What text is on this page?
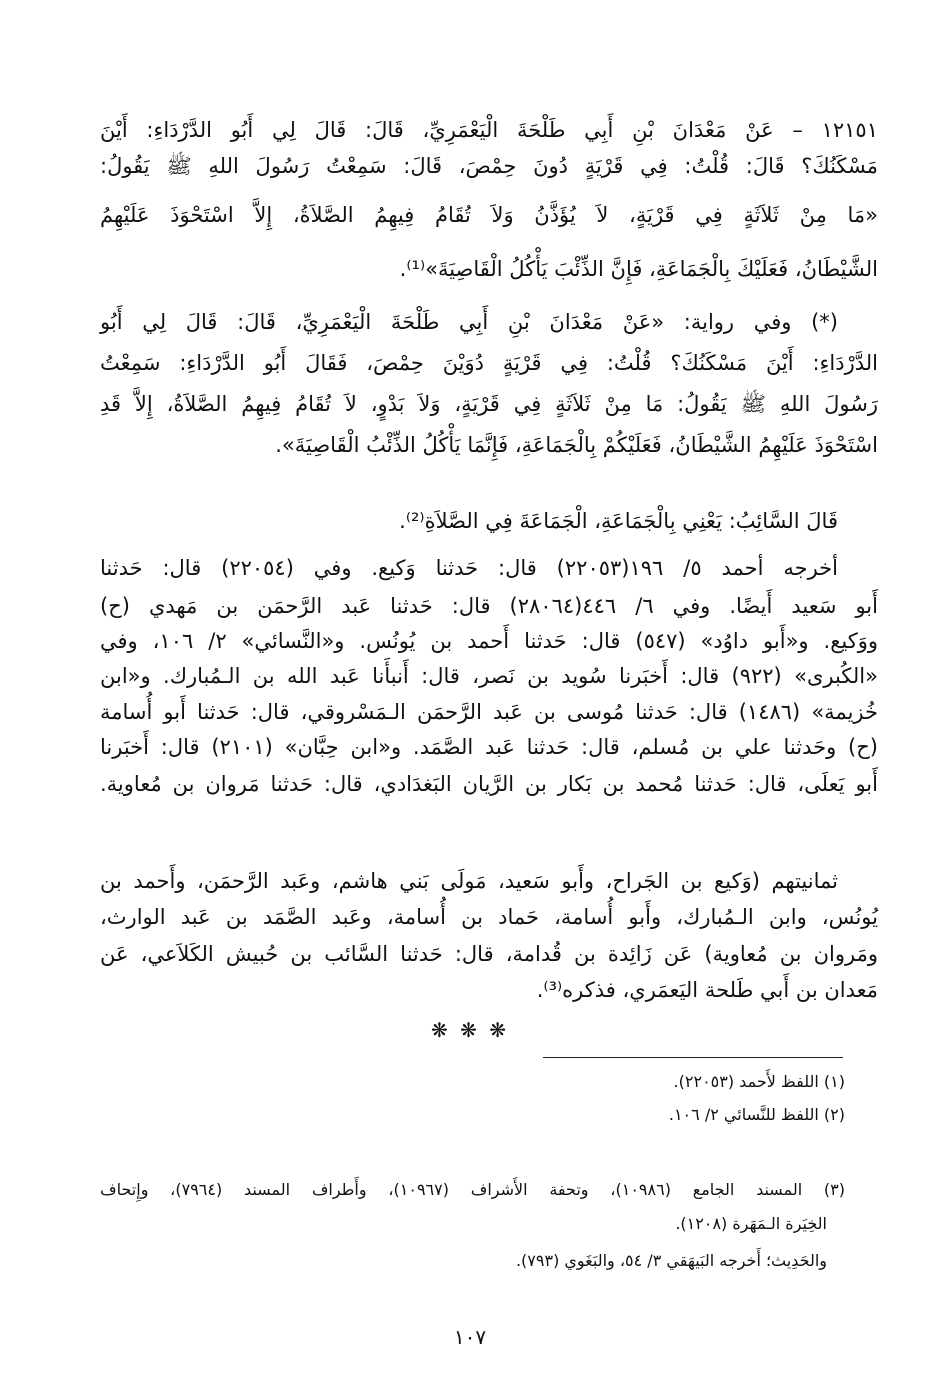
١٢١٥١ – عَنْ مَعْدَانَ بْنِ أَبِي طَلْحَةَ الْيَعْمَرِيِّ، قَالَ: قَالَ لِي أَبُو الدَّرْدَاءِ: أَيْنَ
مَسْكَنُكَ؟ قَالَ: قُلْتُ: فِي قَرْيَةٍ دُونَ حِمْصَ، قَالَ: سَمِعْتُ رَسُولَ اللهِ ﷺ يَقُولُ:
«مَا مِنْ ثَلاَثَةٍ فِي قَرْيَةٍ، لاَ يُؤَذَّنُ وَلاَ تُقَامُ فِيهِمُ الصَّلاَةُ، إِلاَّ اسْتَحْوَذَ عَلَيْهِمُ
الشَّيْطَانُ، فَعَلَيْكَ بِالْجَمَاعَةِ، فَإِنَّ الذِّئْبَ يَأْكُلُ الْقَاصِيَةَ»⁽¹⁾.
(*) وفي رواية: «عَنْ مَعْدَانَ بْنِ أَبِي طَلْحَةَ الْيَعْمَرِيِّ، قَالَ: قَالَ لِي أَبُو
الدَّرْدَاءِ: أَيْنَ مَسْكَنُكَ؟ قُلْتُ: فِي قَرْيَةٍ دُوَيْنَ حِمْصَ، فَقَالَ أَبُو الدَّرْدَاءِ: سَمِعْتُ
رَسُولَ اللهِ ﷺ يَقُولُ: مَا مِنْ ثَلاَثَةٍ فِي قَرْيَةٍ، وَلاَ بَدْوٍ، لاَ تُقَامُ فِيهِمُ الصَّلاَةُ، إِلاَّ قَدِ
اسْتَحْوَذَ عَلَيْهِمُ الشَّيْطَانُ، فَعَلَيْكُمْ بِالْجَمَاعَةِ، فَإِنَّمَا يَأْكُلُ الذِّئْبُ الْقَاصِيَةَ».
قَالَ السَّائِبُ: يَعْنِي بِالْجَمَاعَةِ، الْجَمَاعَةَ فِي الصَّلاَةِ⁽²⁾.
أخرجه أحمد ٥/ ١٩٦(٢٢٠٥٣) قال: حَدثنا وَكيع. وفي (٢٢٠٥٤) قال: حَدثنا
أَبو سَعيد أَيضًا. وفي ٦/ ٤٤٦(٢٨٠٦٤) قال: حَدثنا عَبد الرَّحمَن بن مَهدي (ح)
ووَكيع. و«أَبو داوُد» (٥٤٧) قال: حَدثنا أَحمد بن يُونُس. و«النَّسائي» ٢/ ١٠٦، وفي
«الكُبرى» (٩٢٢) قال: أَخبَرنا سُويد بن نَصر، قال: أَنبأَنا عَبد الله بن الـمُبارك. و«ابن
خُزيمة» (١٤٨٦) قال: حَدثنا مُوسى بن عَبد الرَّحمَن الـمَسْروقي، قال: حَدثنا أَبو أُسامة
(ح) وحَدثنا علي بن مُسلم، قال: حَدثنا عَبد الصَّمَد. و«ابن حِبَّان» (٢١٠١) قال: أَخبَرنا
أَبو يَعلَى، قال: حَدثنا مُحمد بن بَكار بن الرَّيان البَغدَادي، قال: حَدثنا مَروان بن مُعاوية.
ثمانيتهم (وَكيع بن الجَراح، وأَبو سَعيد، مَولَى بَني هاشم، وعَبد الرَّحمَن، وأَحمد بن
يُونُس، وابن الـمُبارك، وأَبو أُسامة، حَماد بن أُسامة، وعَبد الصَّمَد بن عَبد الوارث،
ومَروان بن مُعاوية) عَن زَائِدة بن قُدامة، قال: حَدثنا السَّائب بن حُبيش الكَلاَعي، عَن
مَعدان بن أَبي طَلحة اليَعمَري، فذكره⁽³⁾.
❋ ❋ ❋
(١) اللفظ لأَحمد (٢٢٠٥٣).
(٢) اللفظ للنَّسائي ٢/ ١٠٦.
(٣) المسند الجامع (١٠٩٨٦)، وتحفة الأَشراف (١٠٩٦٧)، وأَطراف المسند (٧٩٦٤)، وإِتحاف
الخِيَرة الـمَهَرة (١٢٠٨).
والحَدِيث؛ أَخرجه البَيهَقي ٣/ ٥٤، والبَغَوي (٧٩٣).
١٠٧
